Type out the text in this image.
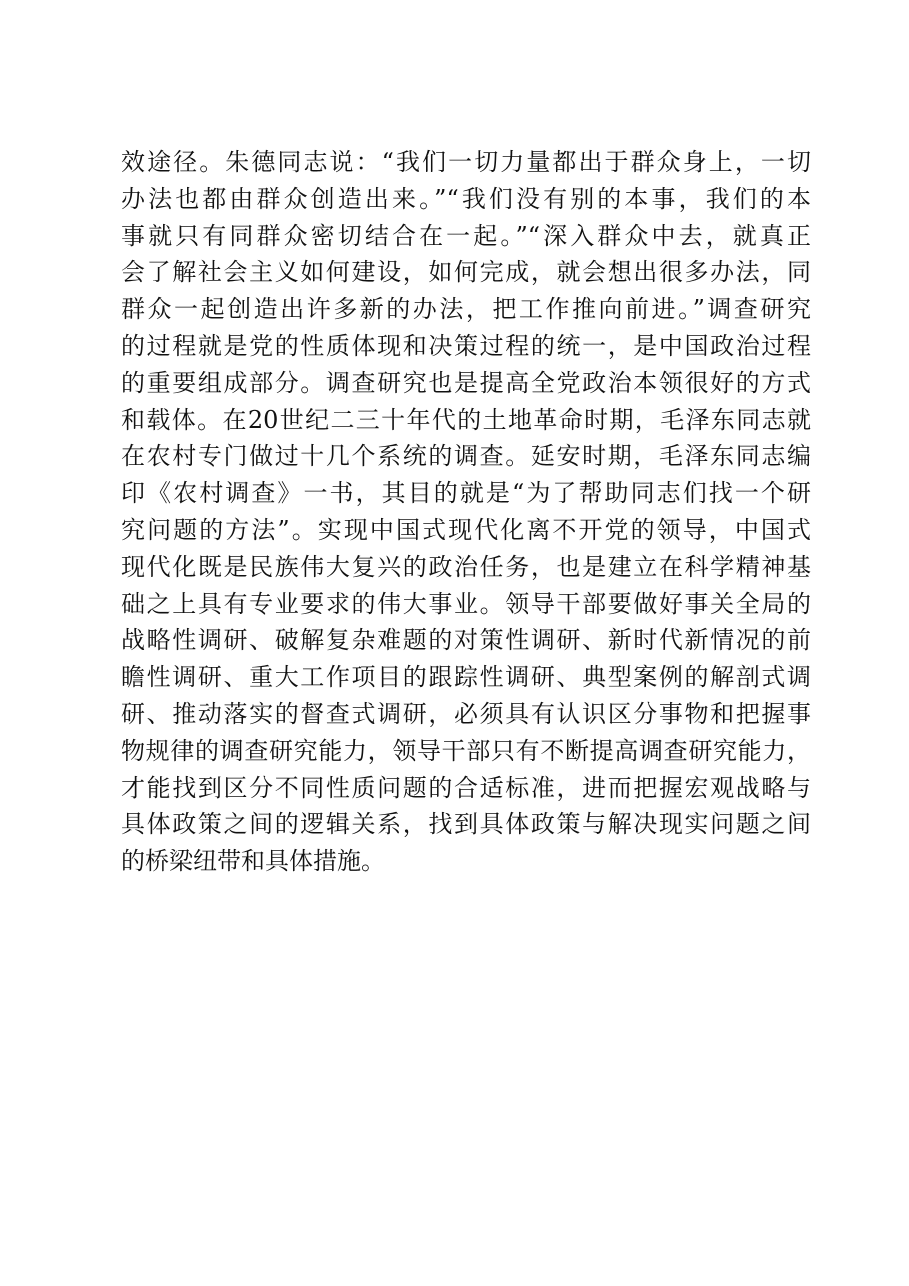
效途径。朱德同志说：“我们一切力量都出于群众身上，一切
办法也都由群众创造出来。”“我们没有别的本事，我们的本
事就只有同群众密切结合在一起。”“深入群众中去，就真正
会了解社会主义如何建设，如何完成，就会想出很多办法，同
群众一起创造出许多新的办法，把工作推向前进。”调查研究
的过程就是党的性质体现和决策过程的统一，是中国政治过程
的重要组成部分。调查研究也是提高全党政治本领很好的方式
和载体。在20世纪二三十年代的土地革命时期，毛泽东同志就
在农村专门做过十几个系统的调查。延安时期，毛泽东同志编
印《农村调查》一书，其目的就是“为了帮助同志们找一个研
究问题的方法”。实现中国式现代化离不开党的领导，中国式
现代化既是民族伟大复兴的政治任务，也是建立在科学精神基
础之上具有专业要求的伟大事业。领导干部要做好事关全局的
战略性调研、破解复杂难题的对策性调研、新时代新情况的前
瞻性调研、重大工作项目的跟踪性调研、典型案例的解剖式调
研、推动落实的督查式调研，必须具有认识区分事物和把握事
物规律的调查研究能力，领导干部只有不断提高调查研究能力，
才能找到区分不同性质问题的合适标准，进而把握宏观战略与
具体政策之间的逻辑关系，找到具体政策与解决现实问题之间
的桥梁纽带和具体措施。
